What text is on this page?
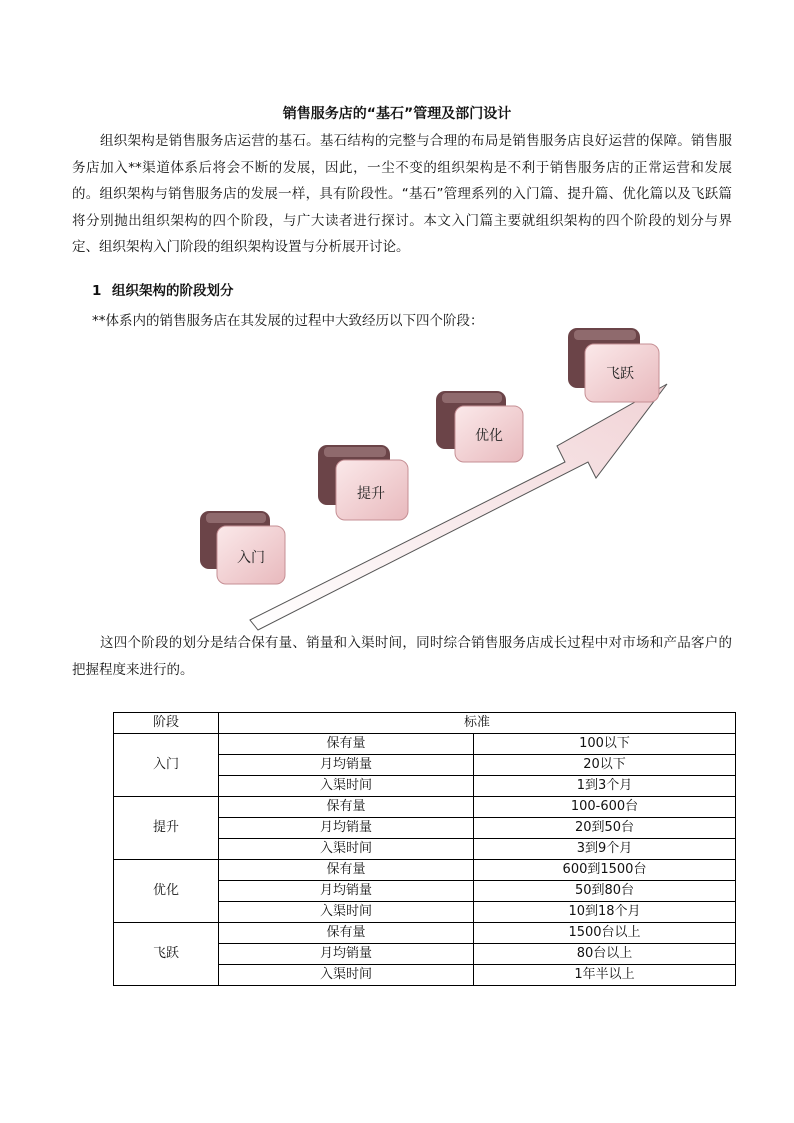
销售服务店的“基石”管理及部门设计

组织架构是销售服务店运营的基石。基石结构的完整与合理的布局是销售服务店良好运营的保障。销售服务店加入**渠道体系后将会不断的发展，因此，一尘不变的组织架构是不利于销售服务店的正常运营和发展的。组织架构与销售服务店的发展一样，具有阶段性。“基石”管理系列的入门篇、提升篇、优化篇以及飞跃篇将分别抛出组织架构的四个阶段，与广大读者进行探讨。本文入门篇主要就组织架构的四个阶段的划分与界定、组织架构入门阶段的组织架构设置与分析展开讨论。

1 组织架构的阶段划分
**体系内的销售服务店在其发展的过程中大致经历以下四个阶段：
入门
提升
优化
飞跃

这四个阶段的划分是结合保有量、销量和入渠时间，同时综合销售服务店成长过程中对市场和产品客户的把握程度来进行的。

阶段	标准	
入门	保有量	100以下
	月均销量	20以下
	入渠时间	1到3个月
提升	保有量	100-600台
	月均销量	20到50台
	入渠时间	3到9个月
优化	保有量	600到1500台
	月均销量	50到80台
	入渠时间	10到18个月
飞跃	保有量	1500台以上
	月均销量	80台以上
	入渠时间	1年半以上
